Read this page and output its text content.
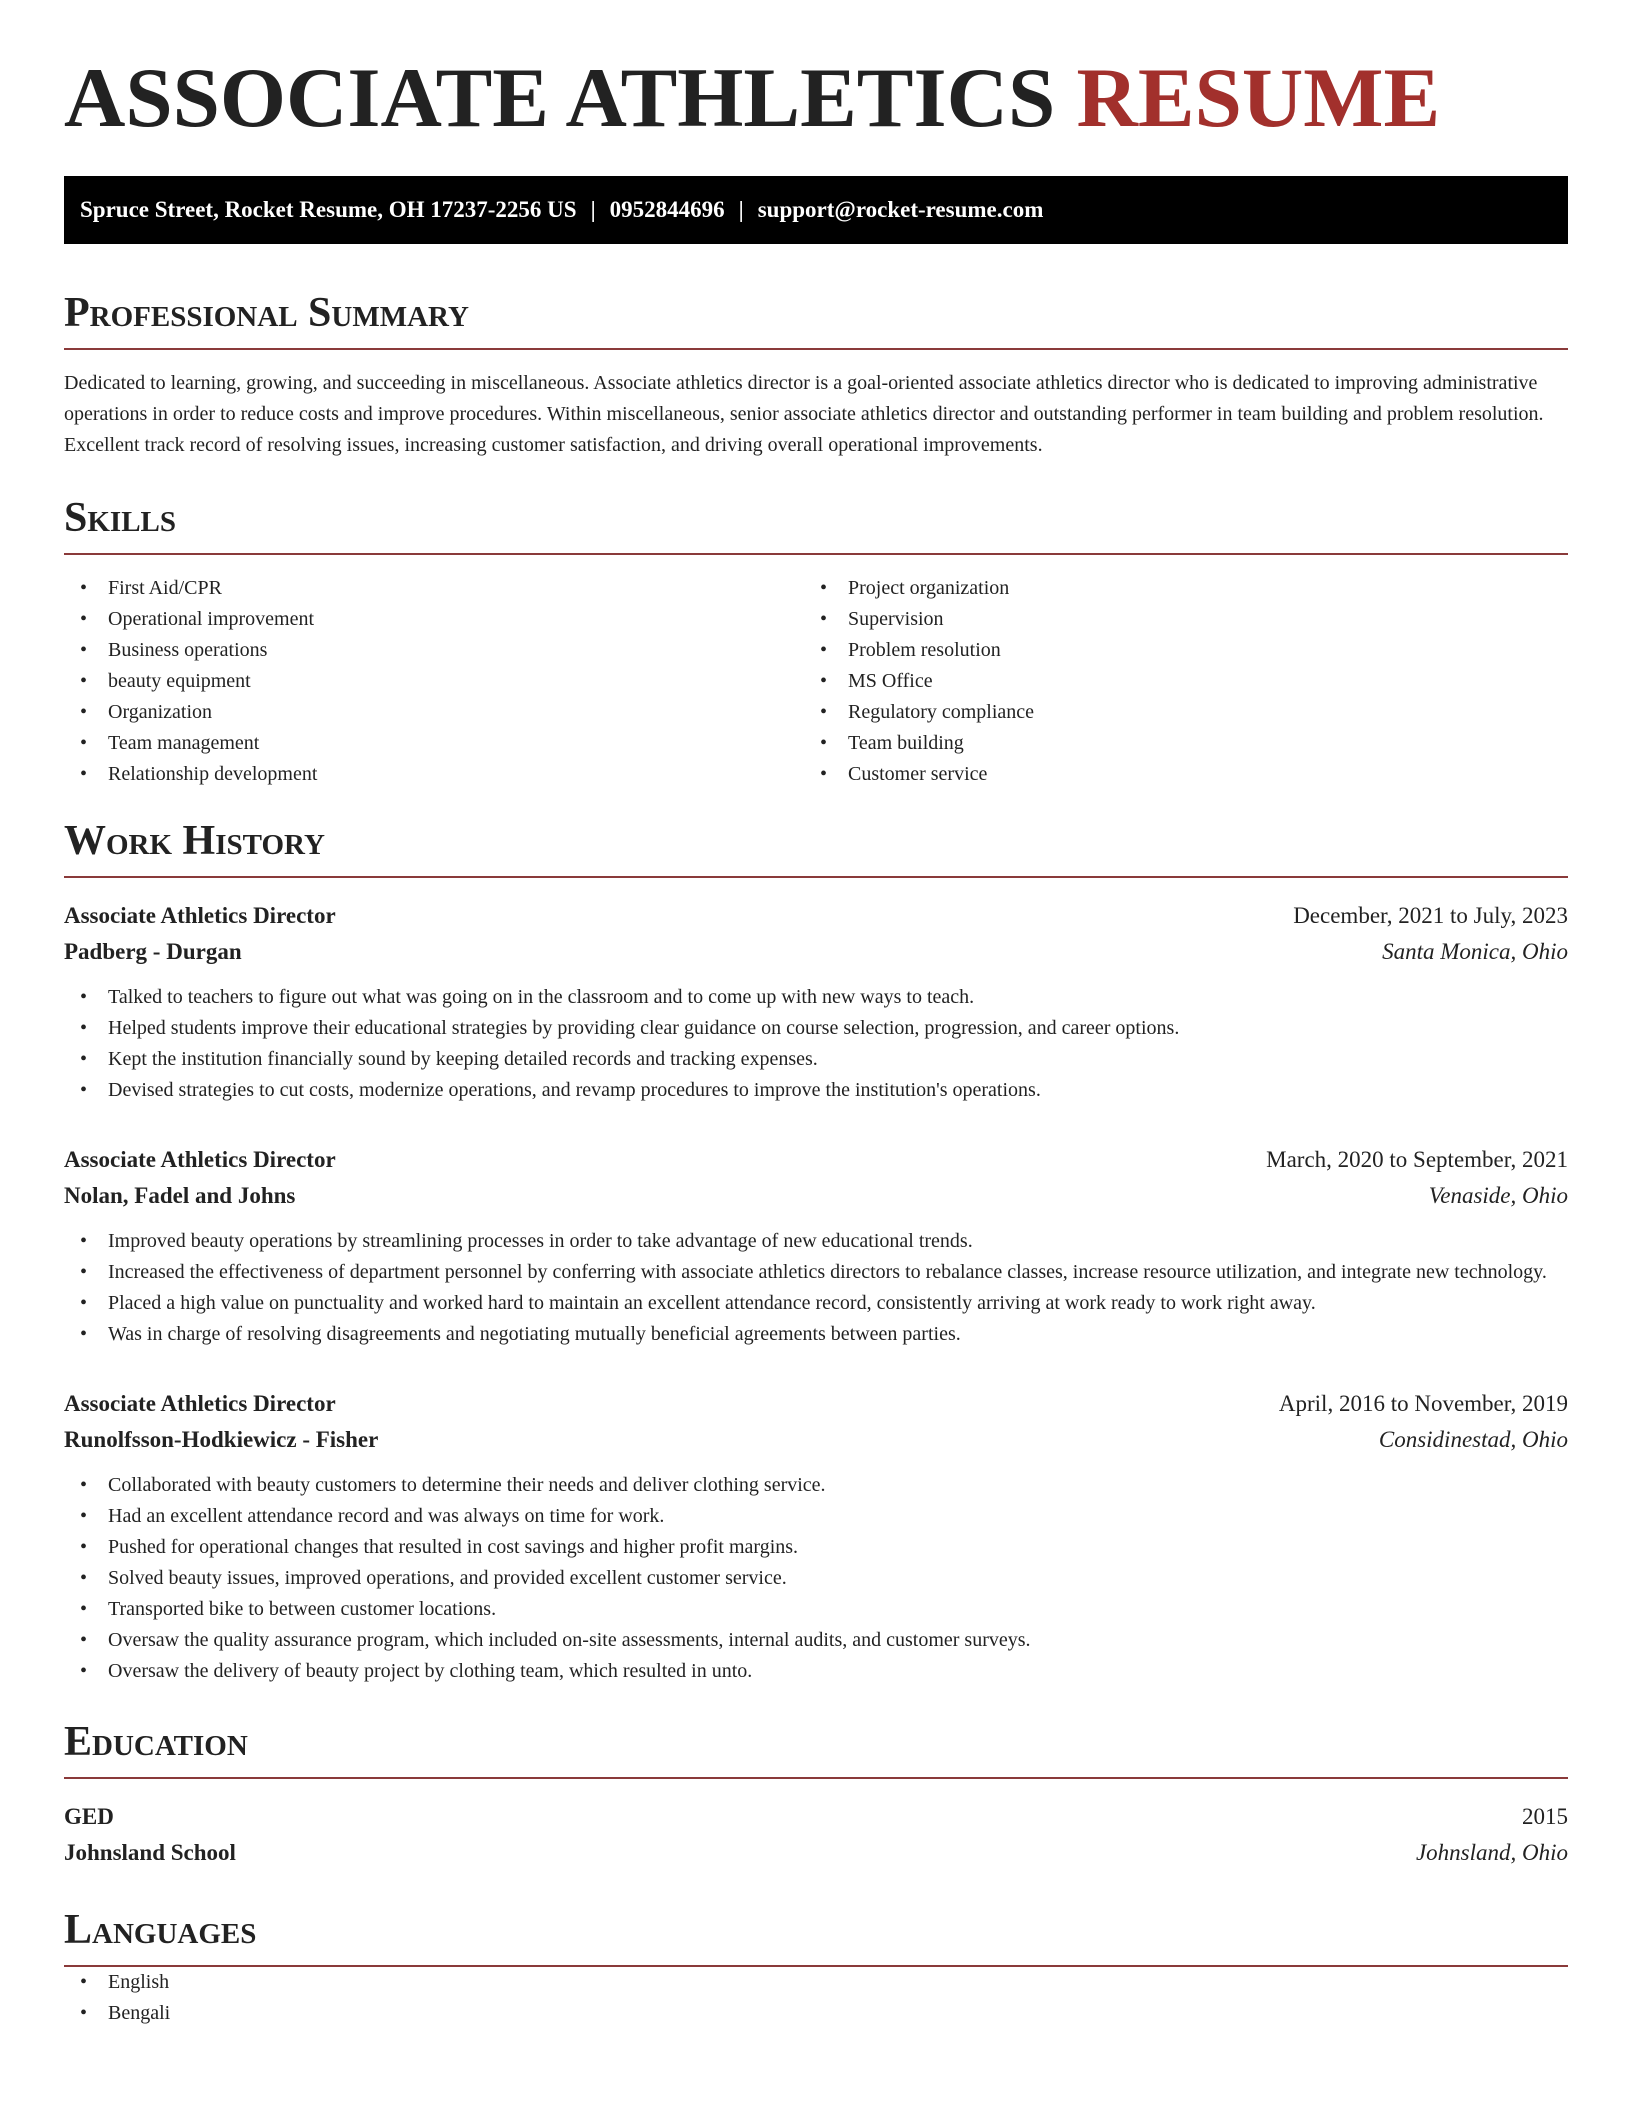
ASSOCIATE ATHLETICS RESUME
Spruce Street, Rocket Resume, OH 17237-2256 US | 0952844696 | support@rocket-resume.com
Professional Summary

Dedicated to learning, growing, and succeeding in miscellaneous. Associate athletics director is a goal-oriented associate athletics director who is dedicated to improving administrative operations in order to reduce costs and improve procedures. Within miscellaneous, senior associate athletics director and outstanding performer in team building and problem resolution. Excellent track record of resolving issues, increasing customer satisfaction, and driving overall operational improvements.

Skills
• First Aid/CPR
• Operational improvement
• Business operations
• beauty equipment
• Organization
• Team management
• Relationship development
• Project organization
• Supervision
• Problem resolution
• MS Office
• Regulatory compliance
• Team building
• Customer service
Work History
Associate Athletics Director	December, 2021 to July, 2023
Padberg - Durgan	Santa Monica, Ohio
• Talked to teachers to figure out what was going on in the classroom and to come up with new ways to teach.
• Helped students improve their educational strategies by providing clear guidance on course selection, progression, and career options.
• Kept the institution financially sound by keeping detailed records and tracking expenses.
• Devised strategies to cut costs, modernize operations, and revamp procedures to improve the institution's operations.
Associate Athletics Director	March, 2020 to September, 2021
Nolan, Fadel and Johns	Venaside, Ohio
• Improved beauty operations by streamlining processes in order to take advantage of new educational trends.
• Increased the effectiveness of department personnel by conferring with associate athletics directors to rebalance classes, increase resource utilization, and integrate new technology.
• Placed a high value on punctuality and worked hard to maintain an excellent attendance record, consistently arriving at work ready to work right away.
• Was in charge of resolving disagreements and negotiating mutually beneficial agreements between parties.
Associate Athletics Director	April, 2016 to November, 2019
Runolfsson-Hodkiewicz - Fisher	Considinestad, Ohio
• Collaborated with beauty customers to determine their needs and deliver clothing service.
• Had an excellent attendance record and was always on time for work.
• Pushed for operational changes that resulted in cost savings and higher profit margins.
• Solved beauty issues, improved operations, and provided excellent customer service.
• Transported bike to between customer locations.
• Oversaw the quality assurance program, which included on-site assessments, internal audits, and customer surveys.
• Oversaw the delivery of beauty project by clothing team, which resulted in unto.
Education
GED	2015
Johnsland School	Johnsland, Ohio
Languages
• English
• Bengali
